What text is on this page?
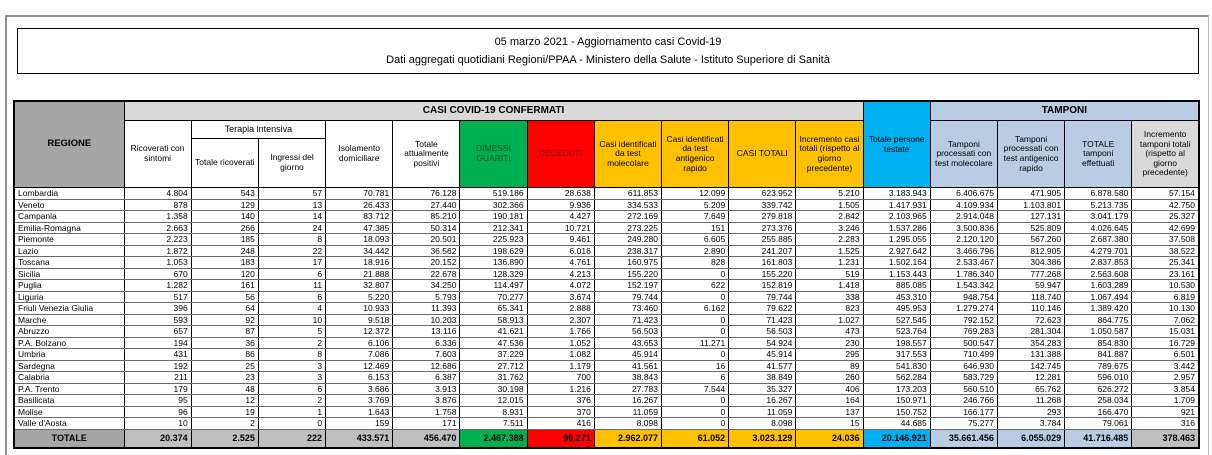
05 marzo 2021 - Aggiornamento casi Covid-19
Dati aggregati quotidiani Regioni/PPAA - Ministero della Salute - Istituto Superiore di Sanità
REGIONE	CASI COVID-19 CONFERMATI											Totale persone testate	TAMPONI			
	Ricoverati con sintomi	Terapia intensiva		Isolamento domiciliare	Totale attualmente positivi	DIMESSI GUARITI	DECEDUTI	Casi identificati da test molecolare	Casi identificati da test antigenico rapido	CASI TOTALI	Incremento casi totali (rispetto al giorno precedente)		Tamponi processati con test molecolare	Tamponi processati con test antigenico rapido	TOTALE tamponi effettuati	Incremento tamponi totali (rispetto al giorno precedente)
		Totale ricoverati	Ingressi del giorno													
Lombardia	4.804	543	57	70.781	76.128	519.186	28.638	611.853	12.099	623.952	5.210	3.183.943	6.406.675	471.905	6.878.580	57.154
Veneto	878	129	13	26.433	27.440	302.366	9.936	334.533	5.209	339.742	1.505	1.417.931	4.109.934	1.103.801	5.213.735	42.750
Campania	1.358	140	14	83.712	85.210	190.181	4.427	272.169	7.649	279.818	2.842	2.103.965	2.914.048	127.131	3.041.179	25.327
Emilia-Romagna	2.663	266	24	47.385	50.314	212.341	10.721	273.225	151	273.376	3.246	1.537.286	3.500.836	525.809	4.026.645	42.699
Piemonte	2.223	185	8	18.093	20.501	225.923	9.461	249.280	6.605	255.885	2.283	1.295.055	2.120.120	567.260	2.687.380	37.508
Lazio	1.872	248	22	34.442	36.562	198.629	6.016	238.317	2.890	241.207	1.525	2.927.642	3.466.796	812.905	4.279.701	38.522
Toscana	1.053	183	17	18.916	20.152	136.890	4.761	160.975	828	161.803	1.231	1.502.164	2.533.467	304.386	2.837.853	25.341
Sicilia	670	120	6	21.888	22.678	128.329	4.213	155.220	0	155.220	519	1.153.443	1.786.340	777.268	2.563.608	23.161
Puglia	1.282	161	11	32.807	34.250	114.497	4.072	152.197	622	152.819	1.418	885.085	1.543.342	59.947	1.603.289	10.530
Liguria	517	56	6	5.220	5.793	70.277	3.674	79.744	0	79.744	338	453.310	948.754	118.740	1.067.494	6.819
Friuli Venezia Giulia	396	64	4	10.933	11.393	65.341	2.888	73.460	6.162	79.622	823	495.953	1.279.274	110.146	1.389.420	10.130
Marche	593	92	10	9.518	10.203	58.913	2.307	71.423	0	71.423	1.027	527.545	792.152	72.623	864.775	7.062
Abruzzo	657	87	5	12.372	13.116	41.621	1.766	56.503	0	56.503	473	523.764	769.283	281.304	1.050.587	15.031
P.A. Bolzano	194	36	2	6.106	6.336	47.536	1.052	43.653	11.271	54.924	230	198.557	500.547	354.283	854.830	16.729
Umbria	431	86	8	7.086	7.603	37.229	1.082	45.914	0	45.914	295	317.553	710.499	131.388	841.887	6.501
Sardegna	192	25	3	12.469	12.686	27.712	1.179	41.561	16	41.577	89	541.830	646.930	142.745	789.675	3.442
Calabria	211	23	3	6.153	6.387	31.762	700	38.843	6	38.849	260	562.284	583.729	12.281	596.010	2.957
P.A. Trento	179	48	6	3.686	3.913	30.198	1.216	27.783	7.544	35.327	406	173.203	560.510	65.762	626.272	3.854
Basilicata	95	12	2	3.769	3.876	12.015	376	16.267	0	16.267	164	150.971	246.766	11.268	258.034	1.709
Molise	96	19	1	1.643	1.758	8.931	370	11.059	0	11.059	137	150.752	166.177	293	166.470	921
Valle d'Aosta	10	2	0	159	171	7.511	416	8.098	0	8.098	15	44.685	75.277	3.784	79.061	316
TOTALE	20.374	2.525	222	433.571	456.470	2.467.388	99.271	2.962.077	61.052	3.023.129	24.036	20.146.921	35.661.456	6.055.029	41.716.485	378.463
